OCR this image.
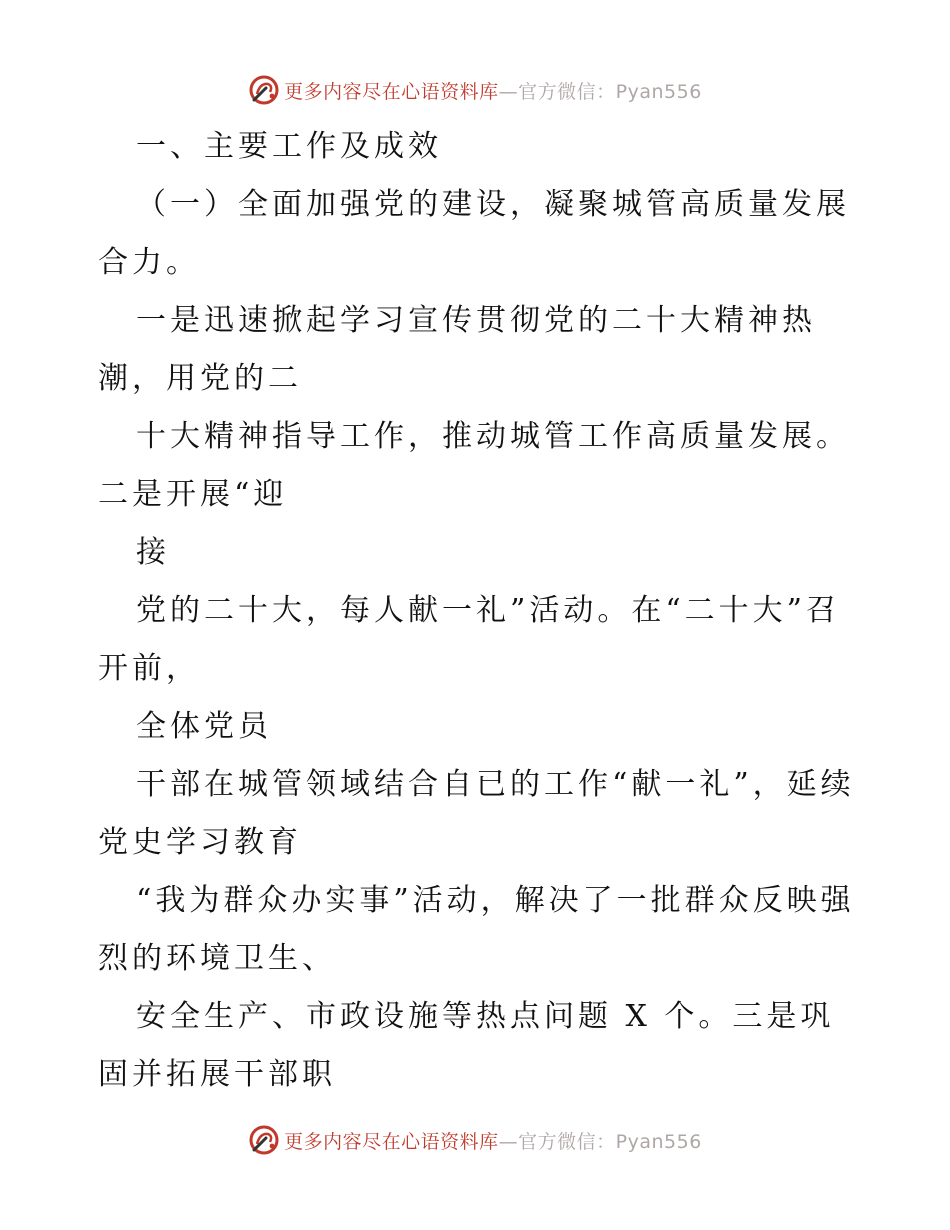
更多内容尽在心语资料库—官方微信：Pyan556

一、主要工作及成效

（一）全面加强党的建设，凝聚城管高质量发展合力。

一是迅速掀起学习宣传贯彻党的二十大精神热潮，用党的二

十大精神指导工作，推动城管工作高质量发展。二是开展“迎

接

党的二十大，每人献一礼”活动。在“二十大”召开前，

全体党员

干部在城管领域结合自已的工作“献一礼”，延续党史学习教育

“我为群众办实事”活动，解决了一批群众反映强烈的环境卫生、

安全生产、市政设施等热点问题 X 个。三是巩固并拓展干部职

更多内容尽在心语资料库—官方微信：Pyan556
